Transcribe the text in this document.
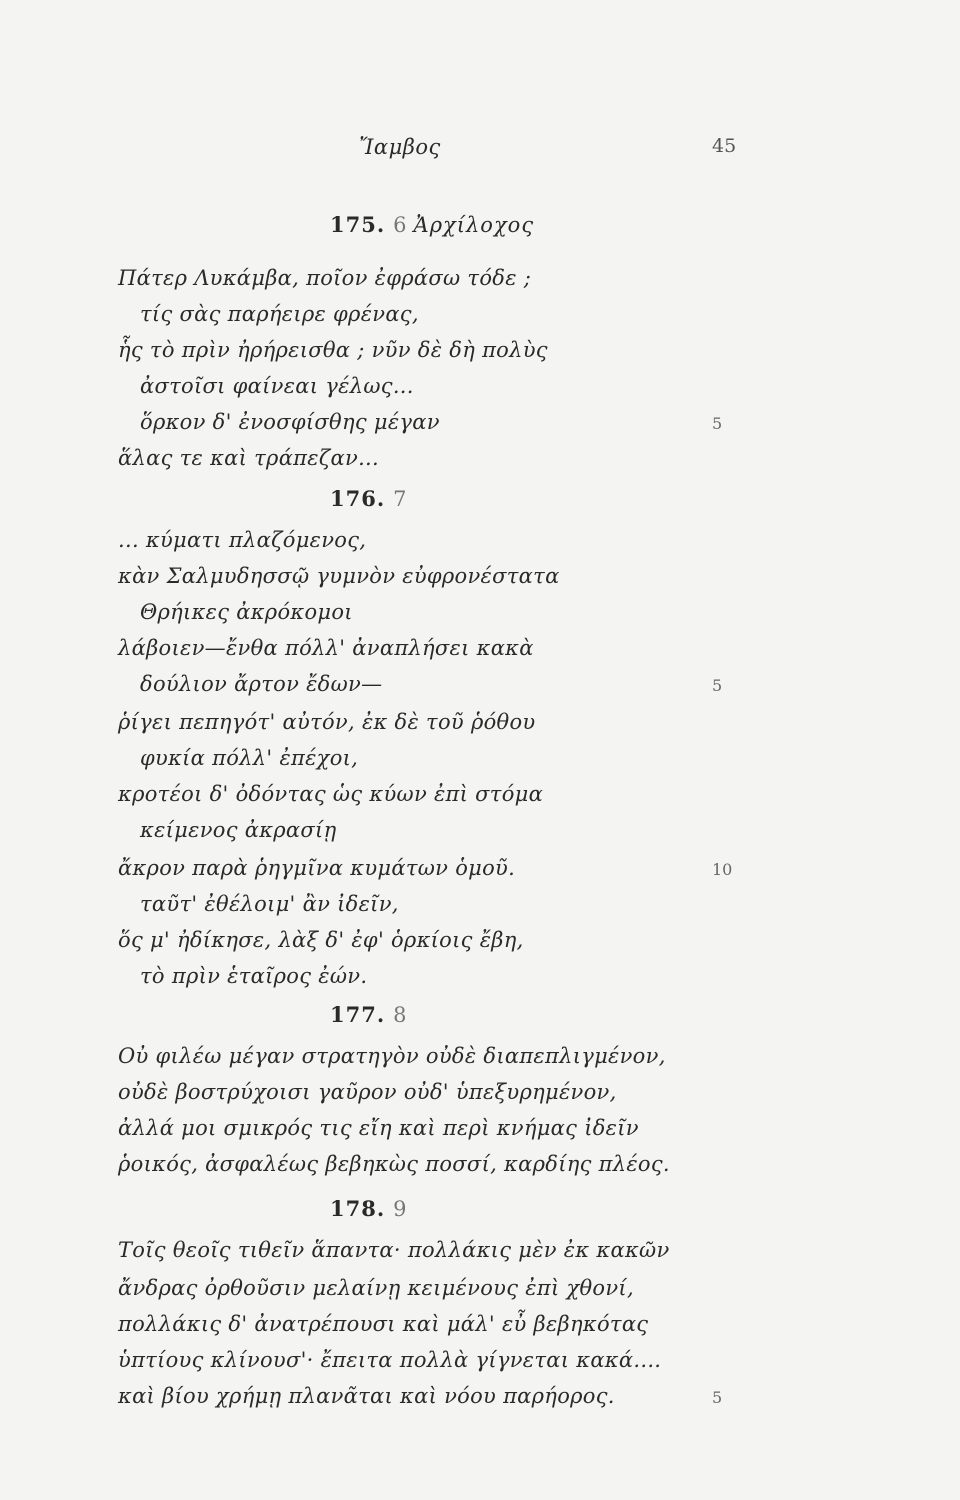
Ἴαμβος	45
175. 6 Ἀρχίλοχος
Πάτερ Λυκάμβα, ποῖον ἐφράσω τόδε ;
τίς σὰς παρήειρε φρένας,
ἧς τὸ πρὶν ἠρήρεισθα ; νῦν δὲ δὴ πολὺς
ἀστοῖσι φαίνεαι γέλως...
ὅρκον δ' ἐνοσφίσθης μέγαν
ἅλας τε καὶ τράπεζαν...
5
176. 7
... κύματι πλαζόμενος,
κὰν Σαλμυδησσῷ γυμνὸν εὐφρονέστατα
Θρήικες ἀκρόκομοι
λάβοιεν—ἔνθα πόλλ' ἀναπλήσει κακὰ
δούλιον ἄρτον ἔδων—
ῥίγει πεπηγότ' αὐτόν, ἐκ δὲ τοῦ ῥόθου
φυκία πόλλ' ἐπέχοι,
κροτέοι δ' ὀδόντας ὡς κύων ἐπὶ στόμα
κείμενος ἀκρασίῃ
ἄκρον παρὰ ῥηγμῖνα κυμάτων ὁμοῦ.
ταῦτ' ἐθέλοιμ' ἂν ἰδεῖν,
ὅς μ' ἠδίκησε, λὰξ δ' ἐφ' ὁρκίοις ἔβη,
τὸ πρὶν ἑταῖρος ἐών.
5
10
177. 8
Οὐ φιλέω μέγαν στρατηγὸν οὐδὲ διαπεπλιγμένον,
οὐδὲ βοστρύχοισι γαῦρον οὐδ' ὑπεξυρημένον,
ἀλλά μοι σμικρός τις εἴη καὶ περὶ κνήμας ἰδεῖν
ῥοικός, ἀσφαλέως βεβηκὼς ποσσί, καρδίης πλέος.
178. 9
Τοῖς θεοῖς τιθεῖν ἅπαντα· πολλάκις μὲν ἐκ κακῶν
ἄνδρας ὀρθοῦσιν μελαίνῃ κειμένους ἐπὶ χθονί,
πολλάκις δ' ἀνατρέπουσι καὶ μάλ' εὖ βεβηκότας
ὑπτίους κλίνουσ'· ἔπειτα πολλὰ γίγνεται κακά....
καὶ βίου χρήμῃ πλανᾶται καὶ νόου παρήορος.	5
